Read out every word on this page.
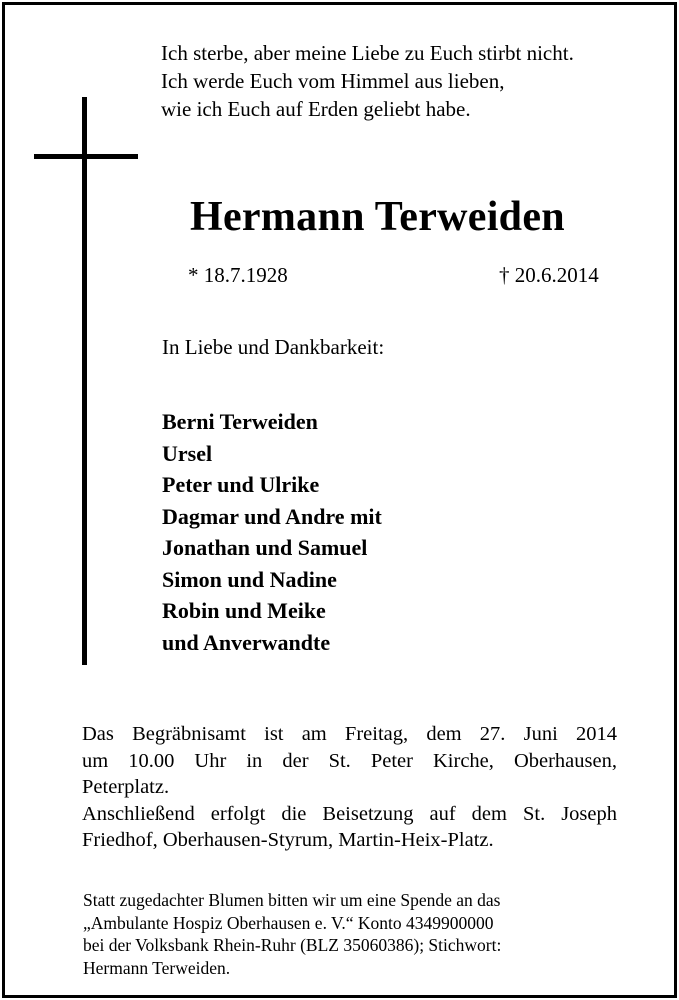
Ich sterbe, aber meine Liebe zu Euch stirbt nicht.
Ich werde Euch vom Himmel aus lieben,
wie ich Euch auf Erden geliebt habe.
Hermann Terweiden
* 18.7.1928	† 20.6.2014
In Liebe und Dankbarkeit:
Berni Terweiden
Ursel
Peter und Ulrike
Dagmar und Andre mit
Jonathan und Samuel
Simon und Nadine
Robin und Meike
und Anverwandte

Das Begräbnisamt ist am Freitag, dem 27. Juni 2014

um 10.00 Uhr in der St. Peter Kirche, Oberhausen,

Peterplatz.

Anschließend erfolgt die Beisetzung auf dem St. Joseph

Friedhof, Oberhausen-Styrum, Martin-Heix-Platz.

Statt zugedachter Blumen bitten wir um eine Spende an das

„Ambulante Hospiz Oberhausen e. V.“ Konto 4349900000

bei der Volksbank Rhein-Ruhr (BLZ 35060386); Stichwort:

Hermann Terweiden.
